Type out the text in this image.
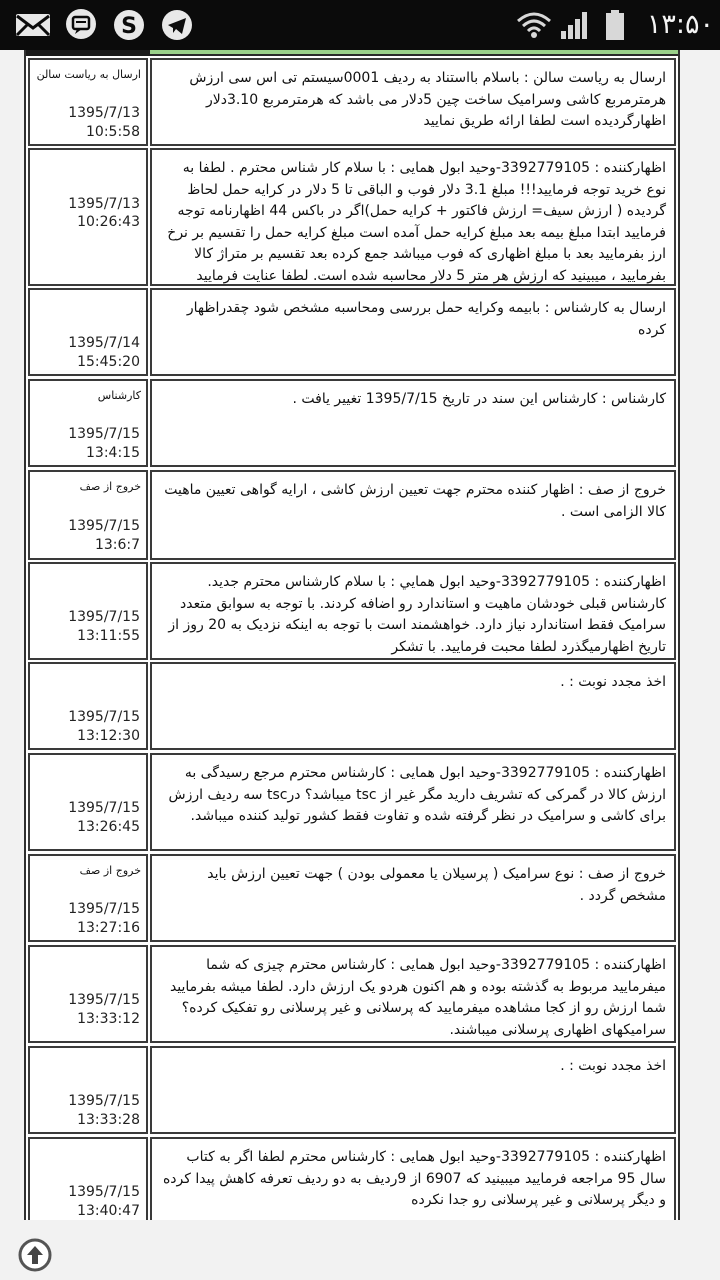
S	۱۳:۵۰
ارسال به ریاست سالن
1395/7/13
10:5:58
ارسال به ریاست سالن : باسلام بااستناد به ردیف 0001سیستم تی اس سی ارزش هرمترمربع کاشی وسرامیک ساخت چین 5دلار می باشد که هرمترمربع 3.10دلار اظهارگردیده است لطفا ارائه طریق نمایید
1395/7/13
10:26:43
اظهارکننده : 3392779105-وحید ابول همایی : با سلام کار شناس محترم . لطفا به نوع خرید توجه فرمایید!!! مبلغ 3.1 دلار فوب و الباقی تا 5 دلار در کرایه حمل لحاظ گردیده ( ارزش سیف= ارزش فاکتور + کرایه حمل)اگر در باکس 44 اظهارنامه توجه فرمایید ابتدا مبلغ بیمه بعد مبلغ کرایه حمل آمده است مبلغ کرایه حمل را تقسیم بر نرخ ارز بفرمایید بعد با مبلغ اظهاری که فوب میباشد جمع کرده بعد تقسیم بر متراژ کالا بفرمایید ، میبینید که ارزش هر متر 5 دلار محاسبه شده است. لطفا عنایت فرمایید
1395/7/14
15:45:20
ارسال به کارشناس : بابیمه وکرایه حمل بررسی ومحاسبه مشخص شود چقدراظهار کرده
کارشناس
1395/7/15
13:4:15
کارشناس : کارشناس این سند در تاریخ 1395/7/15 تغییر یافت .
خروج از صف
1395/7/15
13:6:7
خروج از صف : اظهار کننده محترم جهت تعیین ارزش کاشی ، ارایه گواهی تعیین ماهیت کالا الزامی است .
1395/7/15
13:11:55
اظهارکننده : 3392779105-وحيد ابول همايي : با سلام کارشناس محترم جدید. کارشناس قبلی خودشان ماهیت و استاندارد رو اضافه کردند. با توجه به سوابق متعدد سرامیک فقط استاندارد نیاز دارد. خواهشمند است با توجه به اینکه نزدیک به 20 روز از تاریخ اظهارمیگذرد لطفا محبت فرمایید. با تشکر
1395/7/15
13:12:30
اخذ مجدد نوبت : .
1395/7/15
13:26:45
اظهارکننده : 3392779105-وحید ابول همایی : کارشناس محترم مرجع رسیدگی به ارزش کالا در گمرکی که تشریف دارید مگر غیر از tsc میباشد؟ درtsc سه ردیف ارزش برای کاشی و سرامیک در نظر گرفته شده و تفاوت فقط کشور تولید کننده میباشد.
خروج از صف
1395/7/15
13:27:16
خروج از صف : نوع سرامیک ( پرسیلان یا معمولی بودن ) جهت تعیین ارزش باید مشخص گردد .
1395/7/15
13:33:12
اظهارکننده : 3392779105-وحید ابول همایی : کارشناس محترم چیزی که شما میفرمایید مربوط به گذشته بوده و هم اکنون هردو یک ارزش دارد. لطفا میشه بفرمایید شما ارزش رو از کجا مشاهده میفرمایید که پرسلانی و غیر پرسلانی رو تفکیک کرده؟ سرامیکهای اظهاری پرسلانی میباشند.
1395/7/15
13:33:28
اخذ مجدد نوبت : .
1395/7/15
13:40:47
اظهارکننده : 3392779105-وحید ابول همایی : کارشناس محترم لطفا اگر به کتاب سال 95 مراجعه فرمایید میبینید که 6907 از 9ردیف به دو ردیف تعرفه کاهش پیدا کرده و دیگر پرسلانی و غیر پرسلانی رو جدا نکرده
